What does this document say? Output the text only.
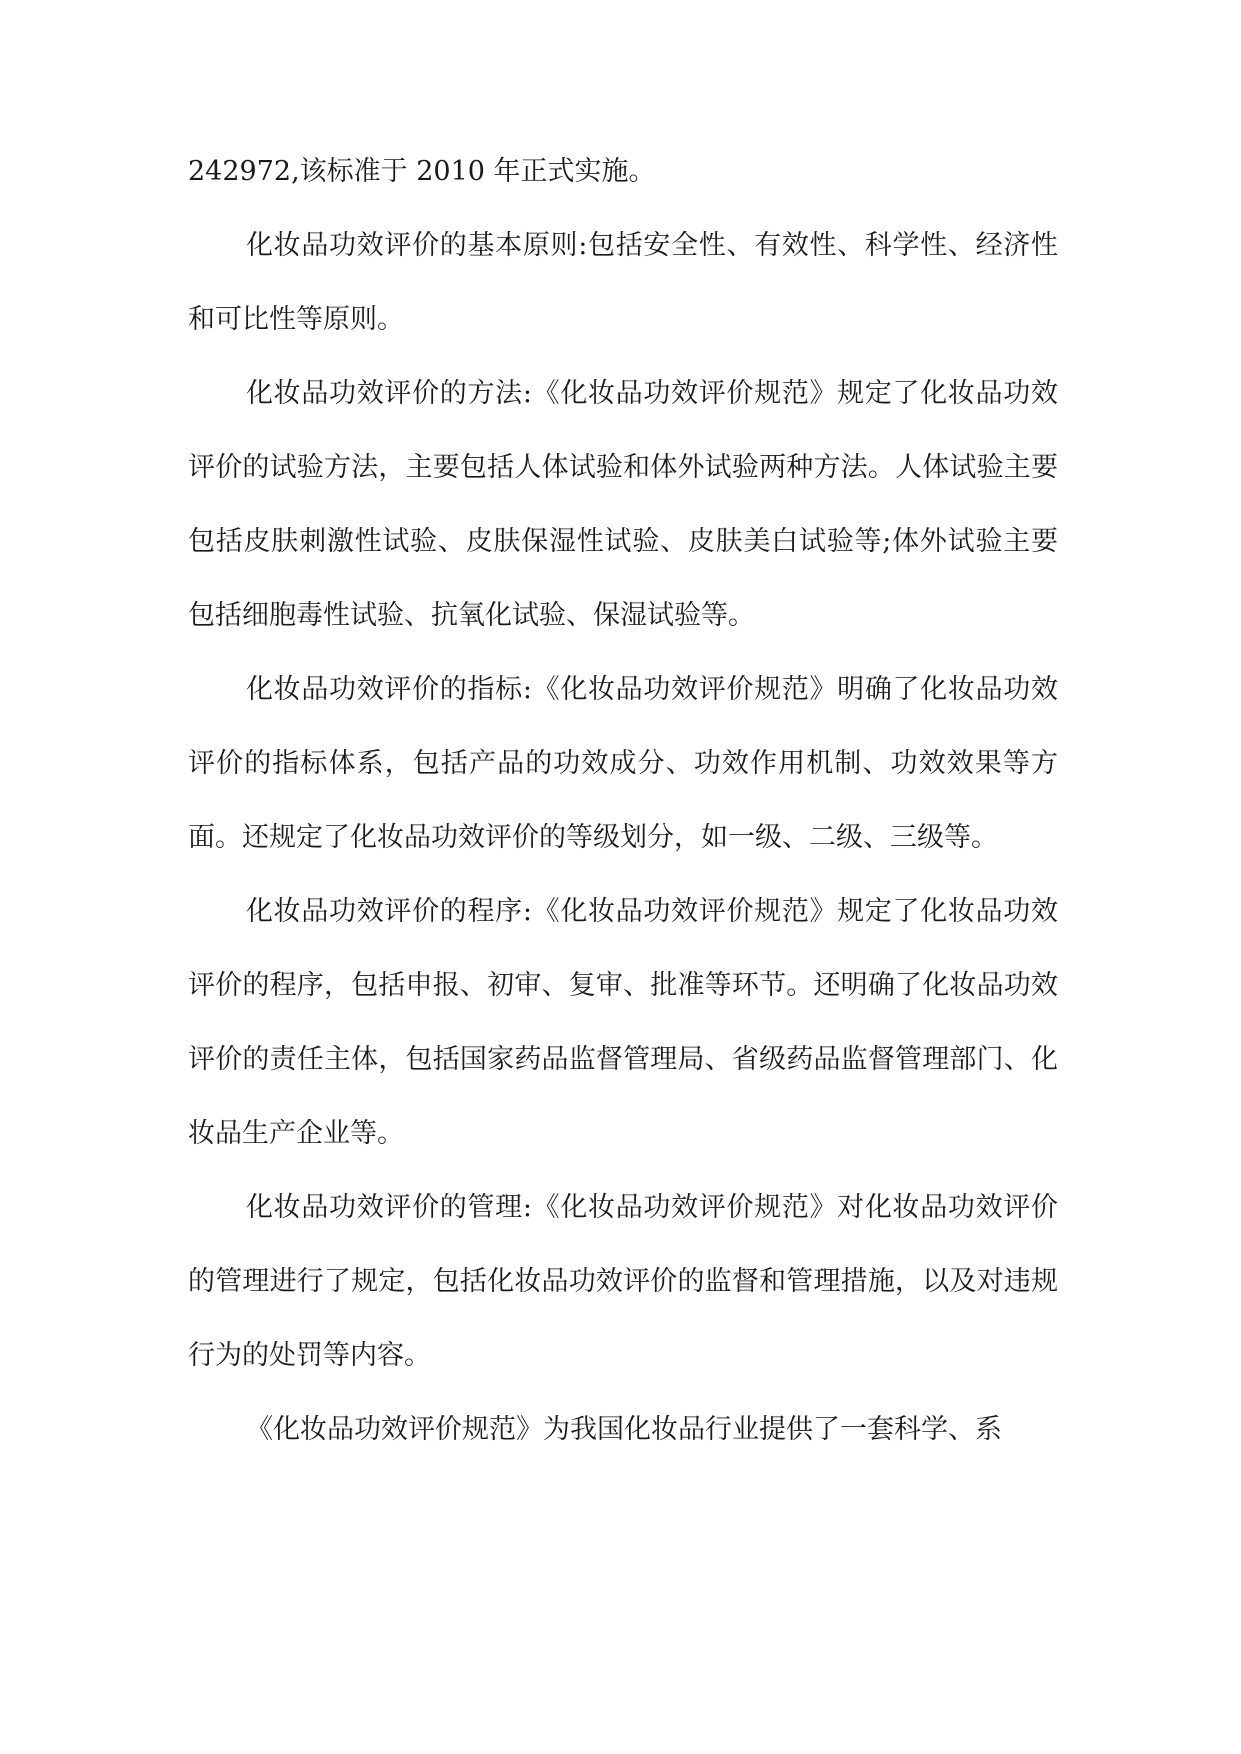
242972,该标准于 2010 年正式实施。

化妆品功效评价的基本原则:包括安全性、有效性、科学性、经济性和可比性等原则。

化妆品功效评价的方法:《化妆品功效评价规范》规定了化妆品功效评价的试验方法，主要包括人体试验和体外试验两种方法。人体试验主要包括皮肤刺激性试验、皮肤保湿性试验、皮肤美白试验等;体外试验主要包括细胞毒性试验、抗氧化试验、保湿试验等。

化妆品功效评价的指标:《化妆品功效评价规范》明确了化妆品功效评价的指标体系，包括产品的功效成分、功效作用机制、功效效果等方面。还规定了化妆品功效评价的等级划分，如一级、二级、三级等。

化妆品功效评价的程序:《化妆品功效评价规范》规定了化妆品功效评价的程序，包括申报、初审、复审、批准等环节。还明确了化妆品功效评价的责任主体，包括国家药品监督管理局、省级药品监督管理部门、化妆品生产企业等。

化妆品功效评价的管理:《化妆品功效评价规范》对化妆品功效评价的管理进行了规定，包括化妆品功效评价的监督和管理措施，以及对违规行为的处罚等内容。

《化妆品功效评价规范》为我国化妆品行业提供了一套科学、系
